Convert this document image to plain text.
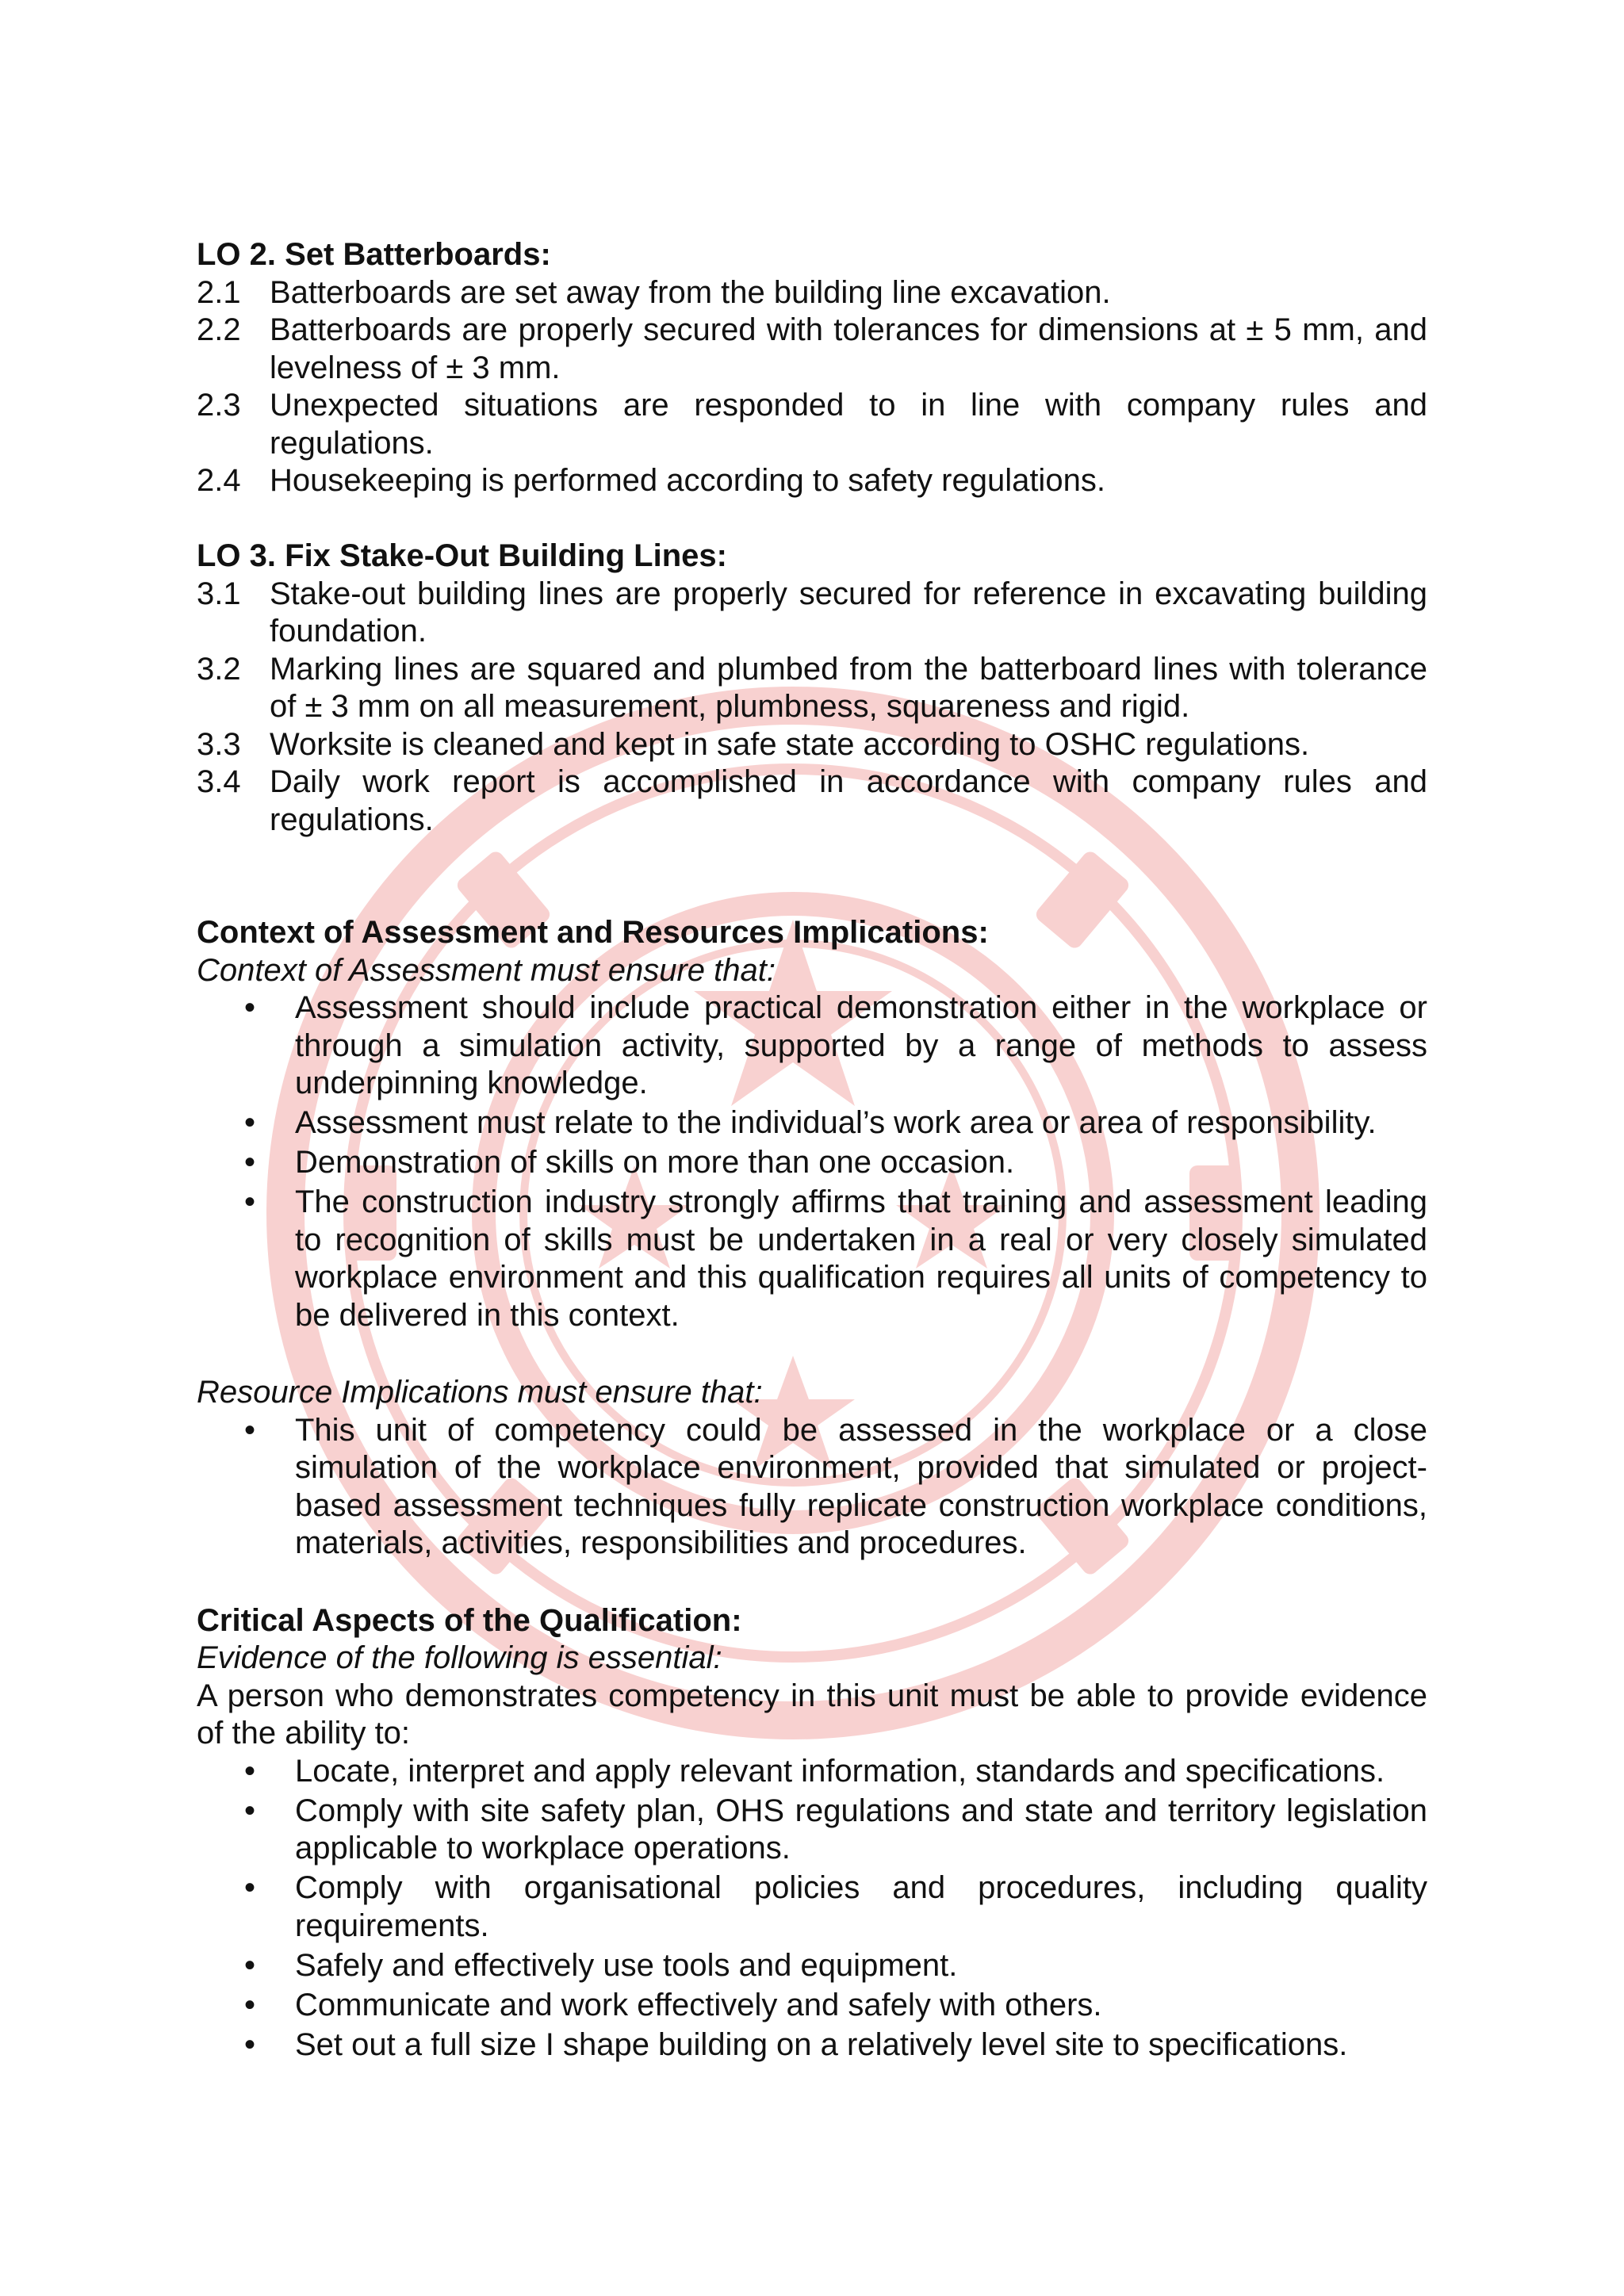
LO 2. Set Batterboards:
2.1 Batterboards are set away from the building line excavation.
2.2 Batterboards are properly secured with tolerances for dimensions at ± 5 mm, and levelness of ± 3 mm.
2.3 Unexpected situations are responded to in line with company rules and regulations.
2.4 Housekeeping is performed according to safety regulations.
LO 3. Fix Stake-Out Building Lines:
3.1 Stake-out building lines are properly secured for reference in excavating building foundation.
3.2 Marking lines are squared and plumbed from the batterboard lines with tolerance of ± 3 mm on all measurement, plumbness, squareness and rigid.
3.3 Worksite is cleaned and kept in safe state according to OSHC regulations.
3.4 Daily work report is accomplished in accordance with company rules and regulations.
Context of Assessment and Resources Implications:
Context of Assessment must ensure that:
• Assessment should include practical demonstration either in the workplace or through a simulation activity, supported by a range of methods to assess underpinning knowledge.
• Assessment must relate to the individual’s work area or area of responsibility.
• Demonstration of skills on more than one occasion.
• The construction industry strongly affirms that training and assessment leading to recognition of skills must be undertaken in a real or very closely simulated workplace environment and this qualification requires all units of competency to be delivered in this context.
Resource Implications must ensure that:
• This unit of competency could be assessed in the workplace or a close simulation of the workplace environment, provided that simulated or project-based assessment techniques fully replicate construction workplace conditions, materials, activities, responsibilities and procedures.
Critical Aspects of the Qualification:
Evidence of the following is essential:
A person who demonstrates competency in this unit must be able to provide evidence of the ability to:
• Locate, interpret and apply relevant information, standards and specifications.
• Comply with site safety plan, OHS regulations and state and territory legislation applicable to workplace operations.
• Comply with organisational policies and procedures, including quality requirements.
• Safely and effectively use tools and equipment.
• Communicate and work effectively and safely with others.
• Set out a full size I shape building on a relatively level site to specifications.
